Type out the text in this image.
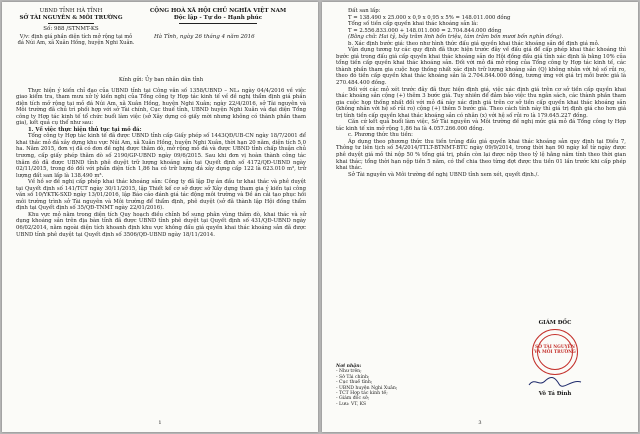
UBND TỈNH HÀ TĨNH
SỞ TÀI NGUYÊN & MÔI TRƯỜNG
Số: 988 /STNMT-KS
CỘNG HOÀ XÃ HỘI CHỦ NGHĨA VIỆT NAM
Độc lập - Tự do - Hạnh phúc
V/v: định giá phần diện tích mở rộng tại mỏ đá Núi Am, xã Xuân Hồng, huyện Nghi Xuân.
Hà Tĩnh, ngày 26 tháng 4 năm 2016

Kính gửi: Ủy ban nhân dân tỉnh

Thực hiện ý kiến chỉ đạo của UBND tỉnh tại Công văn số 1358/UBND – NL₁ ngày 04/4/2016 về việc giao kiểm tra, tham mưu xử lý kiến nghị của Tổng công ty Hợp tác kinh tế về đề nghị thẩm định giá phần diện tích mở rộng tại mỏ đá Núi Am, xã Xuân Hồng, huyện Nghi Xuân; ngày 22/4/2016, sở Tài nguyên và Môi trường đã chủ trì phối hợp với sở Tài chính, Cục thuế tỉnh, UBND huyện Nghi Xuân và đại diện Tổng công ty Hợp tác kinh tế tổ chức buổi làm việc (sở Xây dựng có giấy mời nhưng không có thành phần tham gia), kết quả cụ thể như sau:

1. Về việc thực hiện thủ tục tại mỏ đá:

Tổng công ty Hợp tác kinh tế đã được UBND tỉnh cấp Giấy phép số 1443QĐ/UB-CN ngày 18/7/2001 để khai thác mỏ đá xây dựng khu vực Núi Am, xã Xuân Hồng, huyện Nghi Xuân, thời hạn 20 năm, diện tích 5,0 ha. Năm 2015, đơn vị đã có đơn đề nghị được thăm dò, mở rộng mỏ đá và được UBND tỉnh chấp thuận chủ trương, cấp giấy phép thăm dò số 2190/GP-UBND ngày 09/6/2015. Sau khi đơn vị hoàn thành công tác thăm dò đã được UBND tỉnh phê duyệt trữ lượng khoáng sản tại Quyết định số 4172/QĐ-UBND ngày 02/11/2015, trong đó đối với phần diện tích 1,86 ha có trữ lượng đá xây dựng cấp 122 là 623.010 m³, trữ lượng đất san lấp là 138.490 m³.

Về hồ sơ đề nghị cấp phép khai thác khoáng sản: Công ty đã lập Dự án đầu tư khai thác và phê duyệt tại Quyết định số 141/TCT ngày 30/11/2015, lập Thiết kế cơ sở được sở Xây dựng tham gia ý kiến tại công văn số 10/YKTK-SXD ngày 13/01/2016, lập Báo cáo đánh giá tác động môi trường và Đề án cải tạo phục hồi môi trường trình sở Tài nguyên và Môi trường để thẩm định, phê duyệt (sở đã thành lập Hội đồng thẩm định tại Quyết định số 35/QĐ-TNMT ngày 22/01/2016).

Khu vực mỏ nằm trong diện tích Quy hoạch điều chỉnh bổ sung phân vùng thăm dò, khai thác và sử dụng khoáng sản trên địa bàn tỉnh đã được UBND tỉnh phê duyệt tại Quyết định số 431/QĐ-UBND ngày 06/02/2014, nằm ngoài diện tích khoanh định khu vực không đấu giá quyền khai thác khoáng sản đã được UBND tỉnh phê duyệt tại Quyết định số 3506/QĐ-UBND ngày 18/11/2014.

1

Đất san lấp:

T = 138.490 x 25.000 x 0,9 x 0,95 x 5% = 148.011.000 đồng

Tổng số tiền cấp quyền khai thác khoáng sản là:

T = 2.556.833.000 + 148.011.000 = 2.704.844.000 đồng

(Bằng chữ: Hai tỷ, bảy trăm linh bốn triệu, tám trăm bốn mươi bốn nghìn đồng).

b. Xác định bước giá: theo như hình thức đấu giá quyền khai thác khoáng sản đề định giá mỏ.

Vận dụng tương tự các quy định đã thực hiện trước đây về đấu giá để cấp phép khai thác khoáng thì bước giá trong đấu giá cấp quyền khai thác khoáng sản do Hội đồng đấu giá tỉnh xác định là bằng 10% của tổng tiền cấp quyền khai thác khoáng sản. Đối với mỏ đá mở rộng của Tổng công ty Hợp tác kinh tế, các thành phần tham gia cuộc họp thống nhất xác định trữ lượng khoáng sản (Q) không nhân với hệ số rủi ro, theo đó tiền cấp quyền khai thác khoáng sản là 2.704.844.000 đồng, tương ứng với giá trị mỗi bước giá là 270.484.400 đồng.

Đối với các mỏ xét trước đây đã thực hiện định giá, việc xác định giá trên cơ sở tiền cấp quyền khai thác khoáng sản cộng (+) thêm 3 bước giá. Tuy nhiên để đảm bảo việc thu ngân sách, các thành phần tham gia cuộc họp thống nhất đối với mỏ đá này xác định giá trên cơ sở tiền cấp quyền khai thác khoáng sản (không nhân với hệ số rủi ro) cộng (+) thêm 5 bước giá. Theo cách tính này thì giá trị định giá cho hơn giá trị tính tiền cấp quyền khai thác khoáng sản có nhân (x) với hệ số rủi ro là 179.645.227 đồng.

Căn cứ kết quả buổi làm việc, Sở Tài nguyên và Môi trường đề nghị mức giá mỏ đá Tổng công ty Hợp tác kinh tế xin mở rộng 1,86 ha là 4.057.266.000 đồng.

c. Phương thức thu tiền:

Áp dụng theo phương thức thu tiền trúng đấu giá quyền khai thác khoáng sản quy định tại Điều 7, Thông tư liên tịch số 54/2014/TTLT-BTNMT-BTC ngày 09/9/2014, trong thời hạn 90 ngày kể từ ngày được phê duyệt giá mỏ thì nộp 50 % tổng giá trị, phần còn lại được nộp theo tỷ lệ hằng năm tính theo thời gian khai thác; tổng thời hạn nộp tiền 5 năm, có thể chia theo từng đợt được thu tiền 01 lần trước khi cấp phép khai thác.

Sở Tài nguyên và Môi trường đề nghị UBND tỉnh xem xét, quyết định./.

Nơi nhận:
- Như trên;
- Sở Tài chính;
- Cục thuế tỉnh;
- UBND huyện Nghi Xuân;
- TCT Hợp tác kinh tế;
- Giám đốc sở;
- Lưu: VT, KS
GIÁM ĐỐC
SỞ TÀI NGUYÊN
VÀ MÔI TRƯỜNG
Võ Tá Đinh
3
